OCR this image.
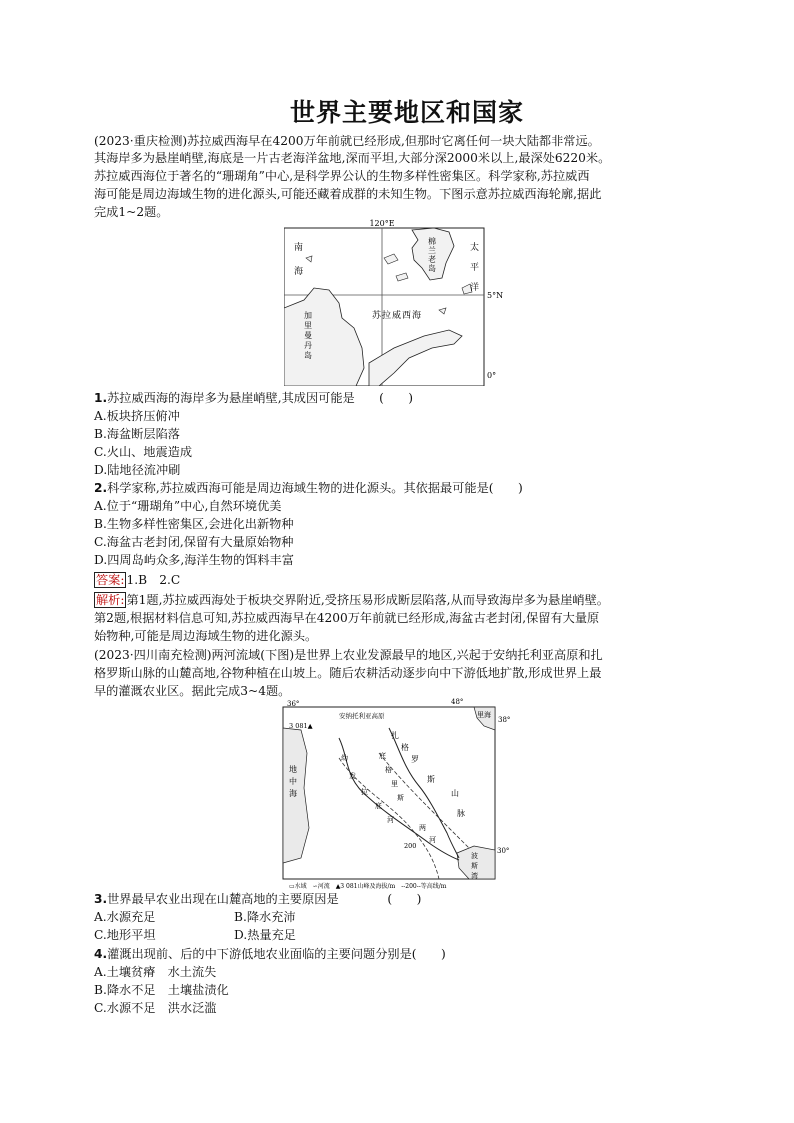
世界主要地区和国家
(2023·重庆检测)苏拉威西海早在4200万年前就已经形成,但那时它离任何一块大陆都非常远。
其海岸多为悬崖峭壁,海底是一片古老海洋盆地,深而平坦,大部分深2000米以上,最深处6220米。
苏拉威西海位于著名的“珊瑚角”中心,是科学界公认的生物多样性密集区。科学家称,苏拉威西
海可能是周边海域生物的进化源头,可能还藏着成群的未知生物。下图示意苏拉威西海轮廓,据此
完成1~2题。
120°E
5°N
0°
南
海
棉
兰
老
岛
太
平
洋
加
里
曼
丹
岛
苏拉威西海
1.苏拉威西海的海岸多为悬崖峭壁,其成因可能是　　(　　)
A.板块挤压俯冲
B.海盆断层陷落
C.火山、地震造成
D.陆地径流冲刷
2.科学家称,苏拉威西海可能是周边海域生物的进化源头。其依据最可能是(　　)
A.位于“珊瑚角”中心,自然环境优美
B.生物多样性密集区,会进化出新物种
C.海盆古老封闭,保留有大量原始物种
D.四周岛屿众多,海洋生物的饵料丰富
答案: 1.B　2.C
解析: 第1题,苏拉威西海处于板块交界附近,受挤压易形成断层陷落,从而导致海岸多为悬崖峭壁。
第2题,根据材料信息可知,苏拉威西海早在4200万年前就已经形成,海盆古老封闭,保留有大量原
始物种,可能是周边海域生物的进化源头。
(2023·四川南充检测)两河流域(下图)是世界上农业发源最早的地区,兴起于安纳托利亚高原和扎
格罗斯山脉的山麓高地,谷物种植在山坡上。随后农耕活动逐步向中下游低地扩散,形成世界上最
早的灌溉农业区。据此完成3~4题。
36°	48°
38°
30°
安纳托利亚高原
3 081▲
里海
地
中
海
扎
格
罗
斯
山
脉
幼
发
拉
底
河
底
格
里
斯
两
河
波
斯
湾
200
▭水域　∽河流　▲3 081山峰及海拔/m　--200--等高线/m
3.世界最早农业出现在山麓高地的主要原因是　　　　(　　)
A.水源充足	B.降水充沛
C.地形平坦	D.热量充足
4.灌溉出现前、后的中下游低地农业面临的主要问题分别是(　　)
A.土壤贫瘠　水土流失
B.降水不足　土壤盐渍化
C.水源不足　洪水泛滥
